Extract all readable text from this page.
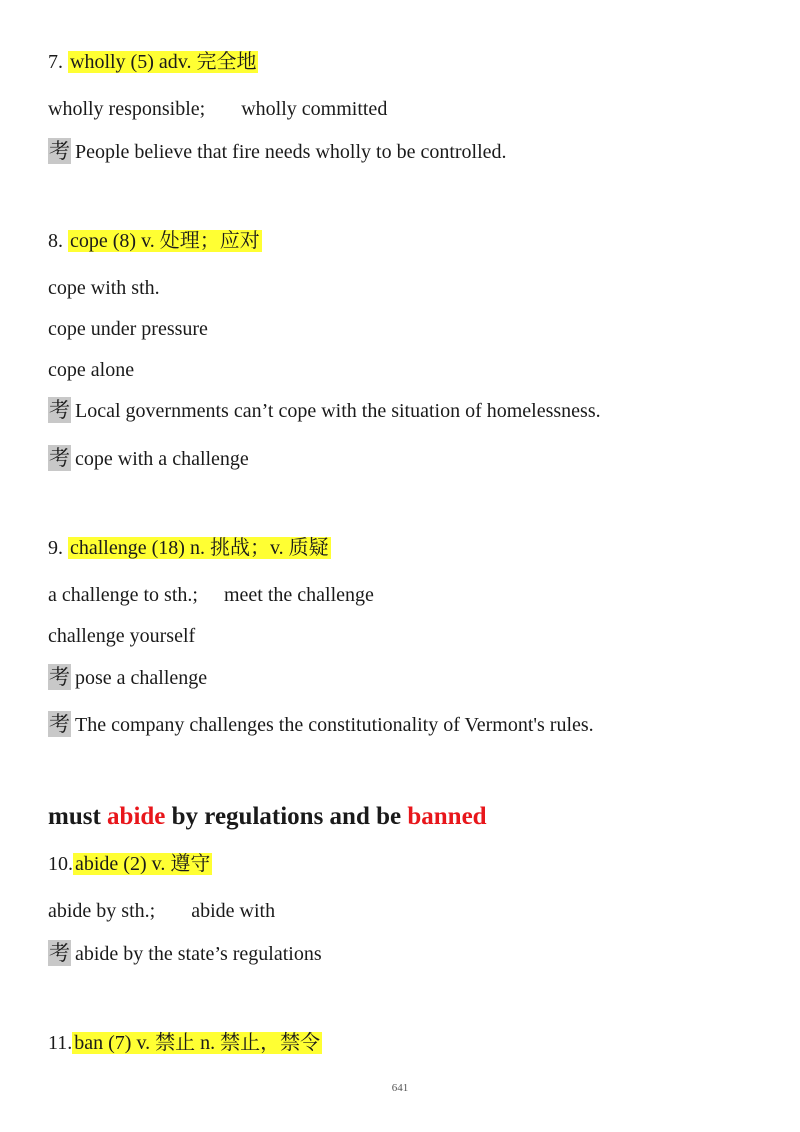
7. wholly (5) adv. 完全地
wholly responsible; wholly committed
考 People believe that fire needs wholly to be controlled.
8. cope (8) v. 处理；应对
cope with sth.
cope under pressure
cope alone
考 Local governments can’t cope with the situation of homelessness.
考 cope with a challenge
9. challenge (18) n. 挑战；v. 质疑
a challenge to sth.; meet the challenge
challenge yourself
考 pose a challenge
考 The company challenges the constitutionality of Vermont's rules.
must abide by regulations and be banned
10. abide (2) v. 遵守
abide by sth.; abide with
考 abide by the state’s regulations
11. ban (7) v. 禁止 n. 禁止，禁令
641
